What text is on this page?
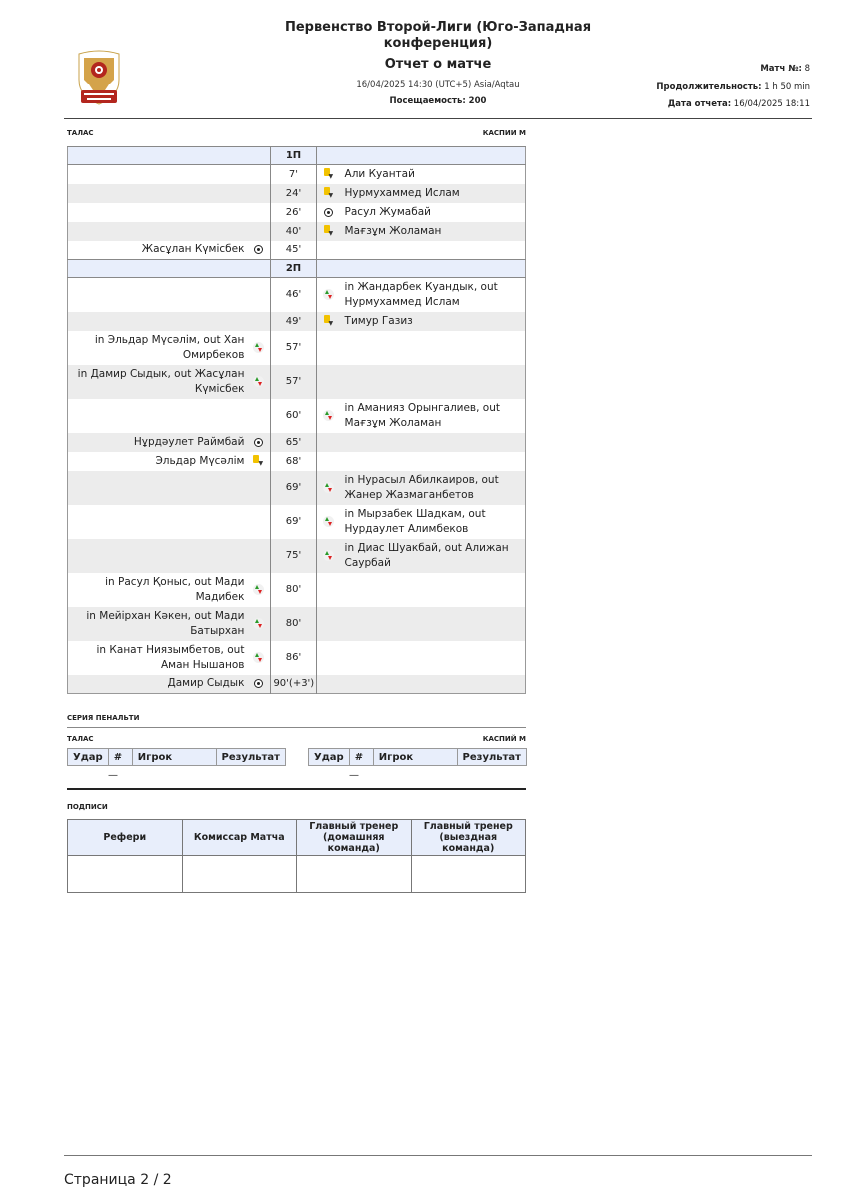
Первенство Второй-Лиги (Юго-Западная конференция)
Отчет о матче
16/04/2025 14:30 (UTC+5) Asia/Aqtau
Посещаемость: 200
Матч №: 8
Продолжительность: 1 h 50 min
Дата отчета: 16/04/2025 18:11
ТАЛАС	КАСПИИ М
	1П	
	7'	▼ Али Куантай

	24'	▼ Нурмухаммед Ислам

	26'	Расул Жумабай

	40'	▼ Мағзұм Жоламан

Жасұлан Күмісбек	45'	
	2П	
	46'	in Жандарбек Куандык, out Нурмухаммед Ислам

	49'	▼ Тимур Газиз

in Эльдар Мүсәлім, out Хан Омирбеков	57'	

in Дамир Сыдык, out Жасұлан Күмісбек	57'	
	60'	in Аманияз Орынгалиев, out Мағзұм Жоламан

Нұрдәулет Раймбай	65'	

Эльдар Мүсәлім ▼	68'	
	69'	in Нурасыл Абилкаиров, out Жанер Жазмаганбетов

	69'	in Мырзабек Шадкам, out Нурдаулет Алимбеков

	75'	in Диас Шуакбай, out Алижан Саурбай

in Расул Қоныс, out Мади Мадибек	80'	

in Мейірхан Кәкен, out Мади Батырхан	80'	

in Канат Ниязымбетов, out Аман Нышанов	86'	

Дамир Сыдык	90'(+3')	
СЕРИЯ ПЕНАЛЬТИ
ТАЛАС	КАСПИЙ М
Удар	#	Игрок	Результат	Удар	#	Игрок	Результат
—	—
ПОДПИСИ
Рефери	Комиссар Матча	Главный тренер (домашняя команда)	Главный тренер (выездная команда)

Страница 2 / 2
